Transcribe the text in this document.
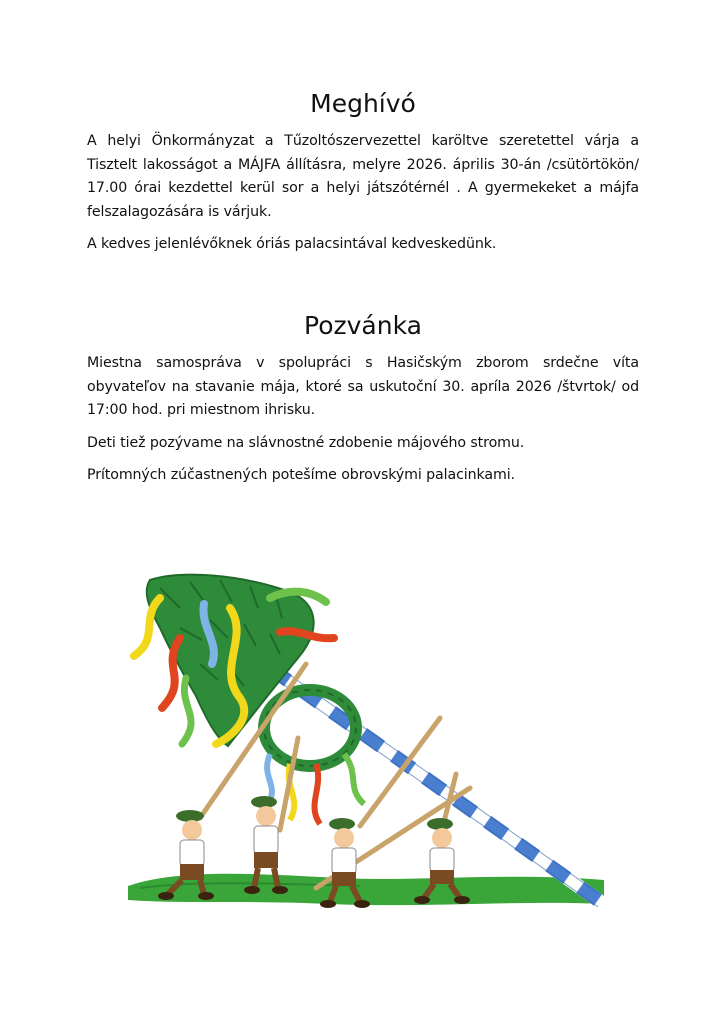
Meghívó

A helyi Önkormányzat a Tűzoltószervezettel karöltve szeretettel várja a Tisztelt lakosságot a MÁJFA állításra, melyre 2026. április 30-án /csütörtökön/ 17.00 órai kezdettel kerül sor a helyi játszótérnél . A gyermekeket a májfa felszalagozására is várjuk.

A kedves jelenlévőknek óriás palacsintával kedveskedünk.

Pozvánka

Miestna samospráva v spolupráci s Hasičským zborom srdečne víta obyvateľov na stavanie mája, ktoré sa uskutoční 30. apríla 2026 /štvrtok/ od 17:00 hod. pri miestnom ihrisku.

Deti tiež pozývame na slávnostné zdobenie májového stromu.

Prítomných zúčastnených potešíme obrovskými palacinkami.
